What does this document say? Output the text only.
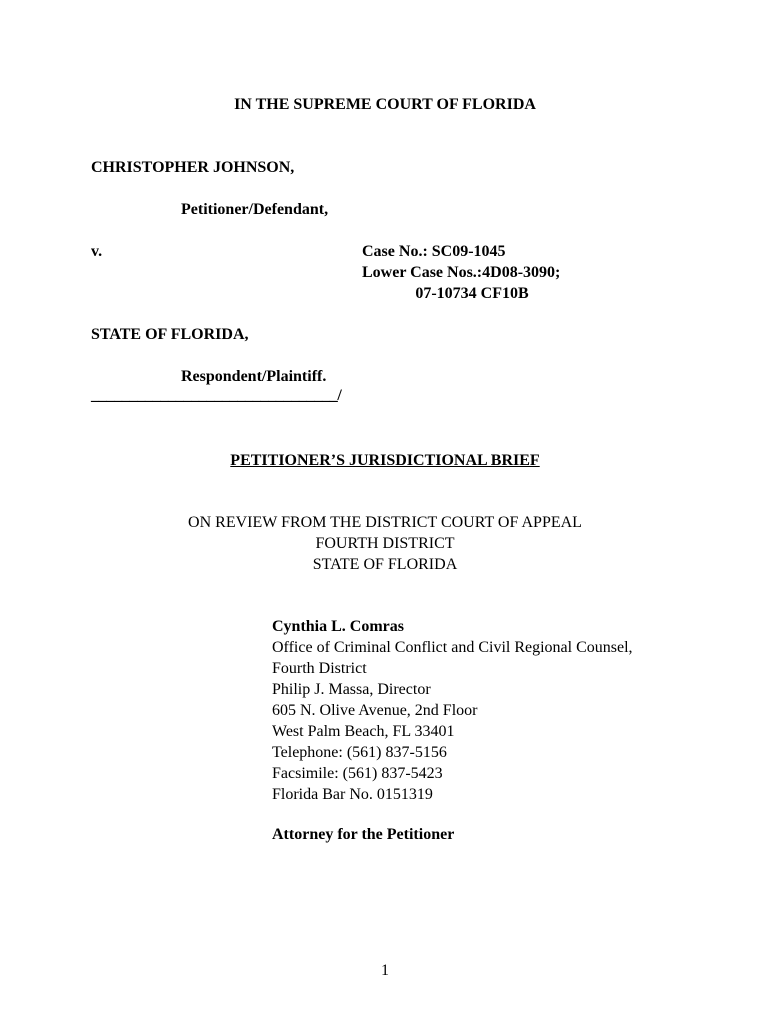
IN THE SUPREME COURT OF FLORIDA

CHRISTOPHER JOHNSON,

Petitioner/Defendant,

v.	Case No.: SC09-1045
Lower Case Nos.:4D08-3090;
07-10734 CF10B

STATE OF FLORIDA,

Respondent/Plaintiff.

________________________________/

PETITIONER’S JURISDICTIONAL BRIEF

ON REVIEW FROM THE DISTRICT COURT OF APPEAL
FOURTH DISTRICT
STATE OF FLORIDA
Cynthia L. Comras
Office of Criminal Conflict and Civil Regional Counsel,
Fourth District
Philip J. Massa, Director
605 N. Olive Avenue, 2nd Floor
West Palm Beach, FL 33401
Telephone: (561) 837-5156
Facsimile: (561) 837-5423
Florida Bar No. 0151319

Attorney for the Petitioner

1
